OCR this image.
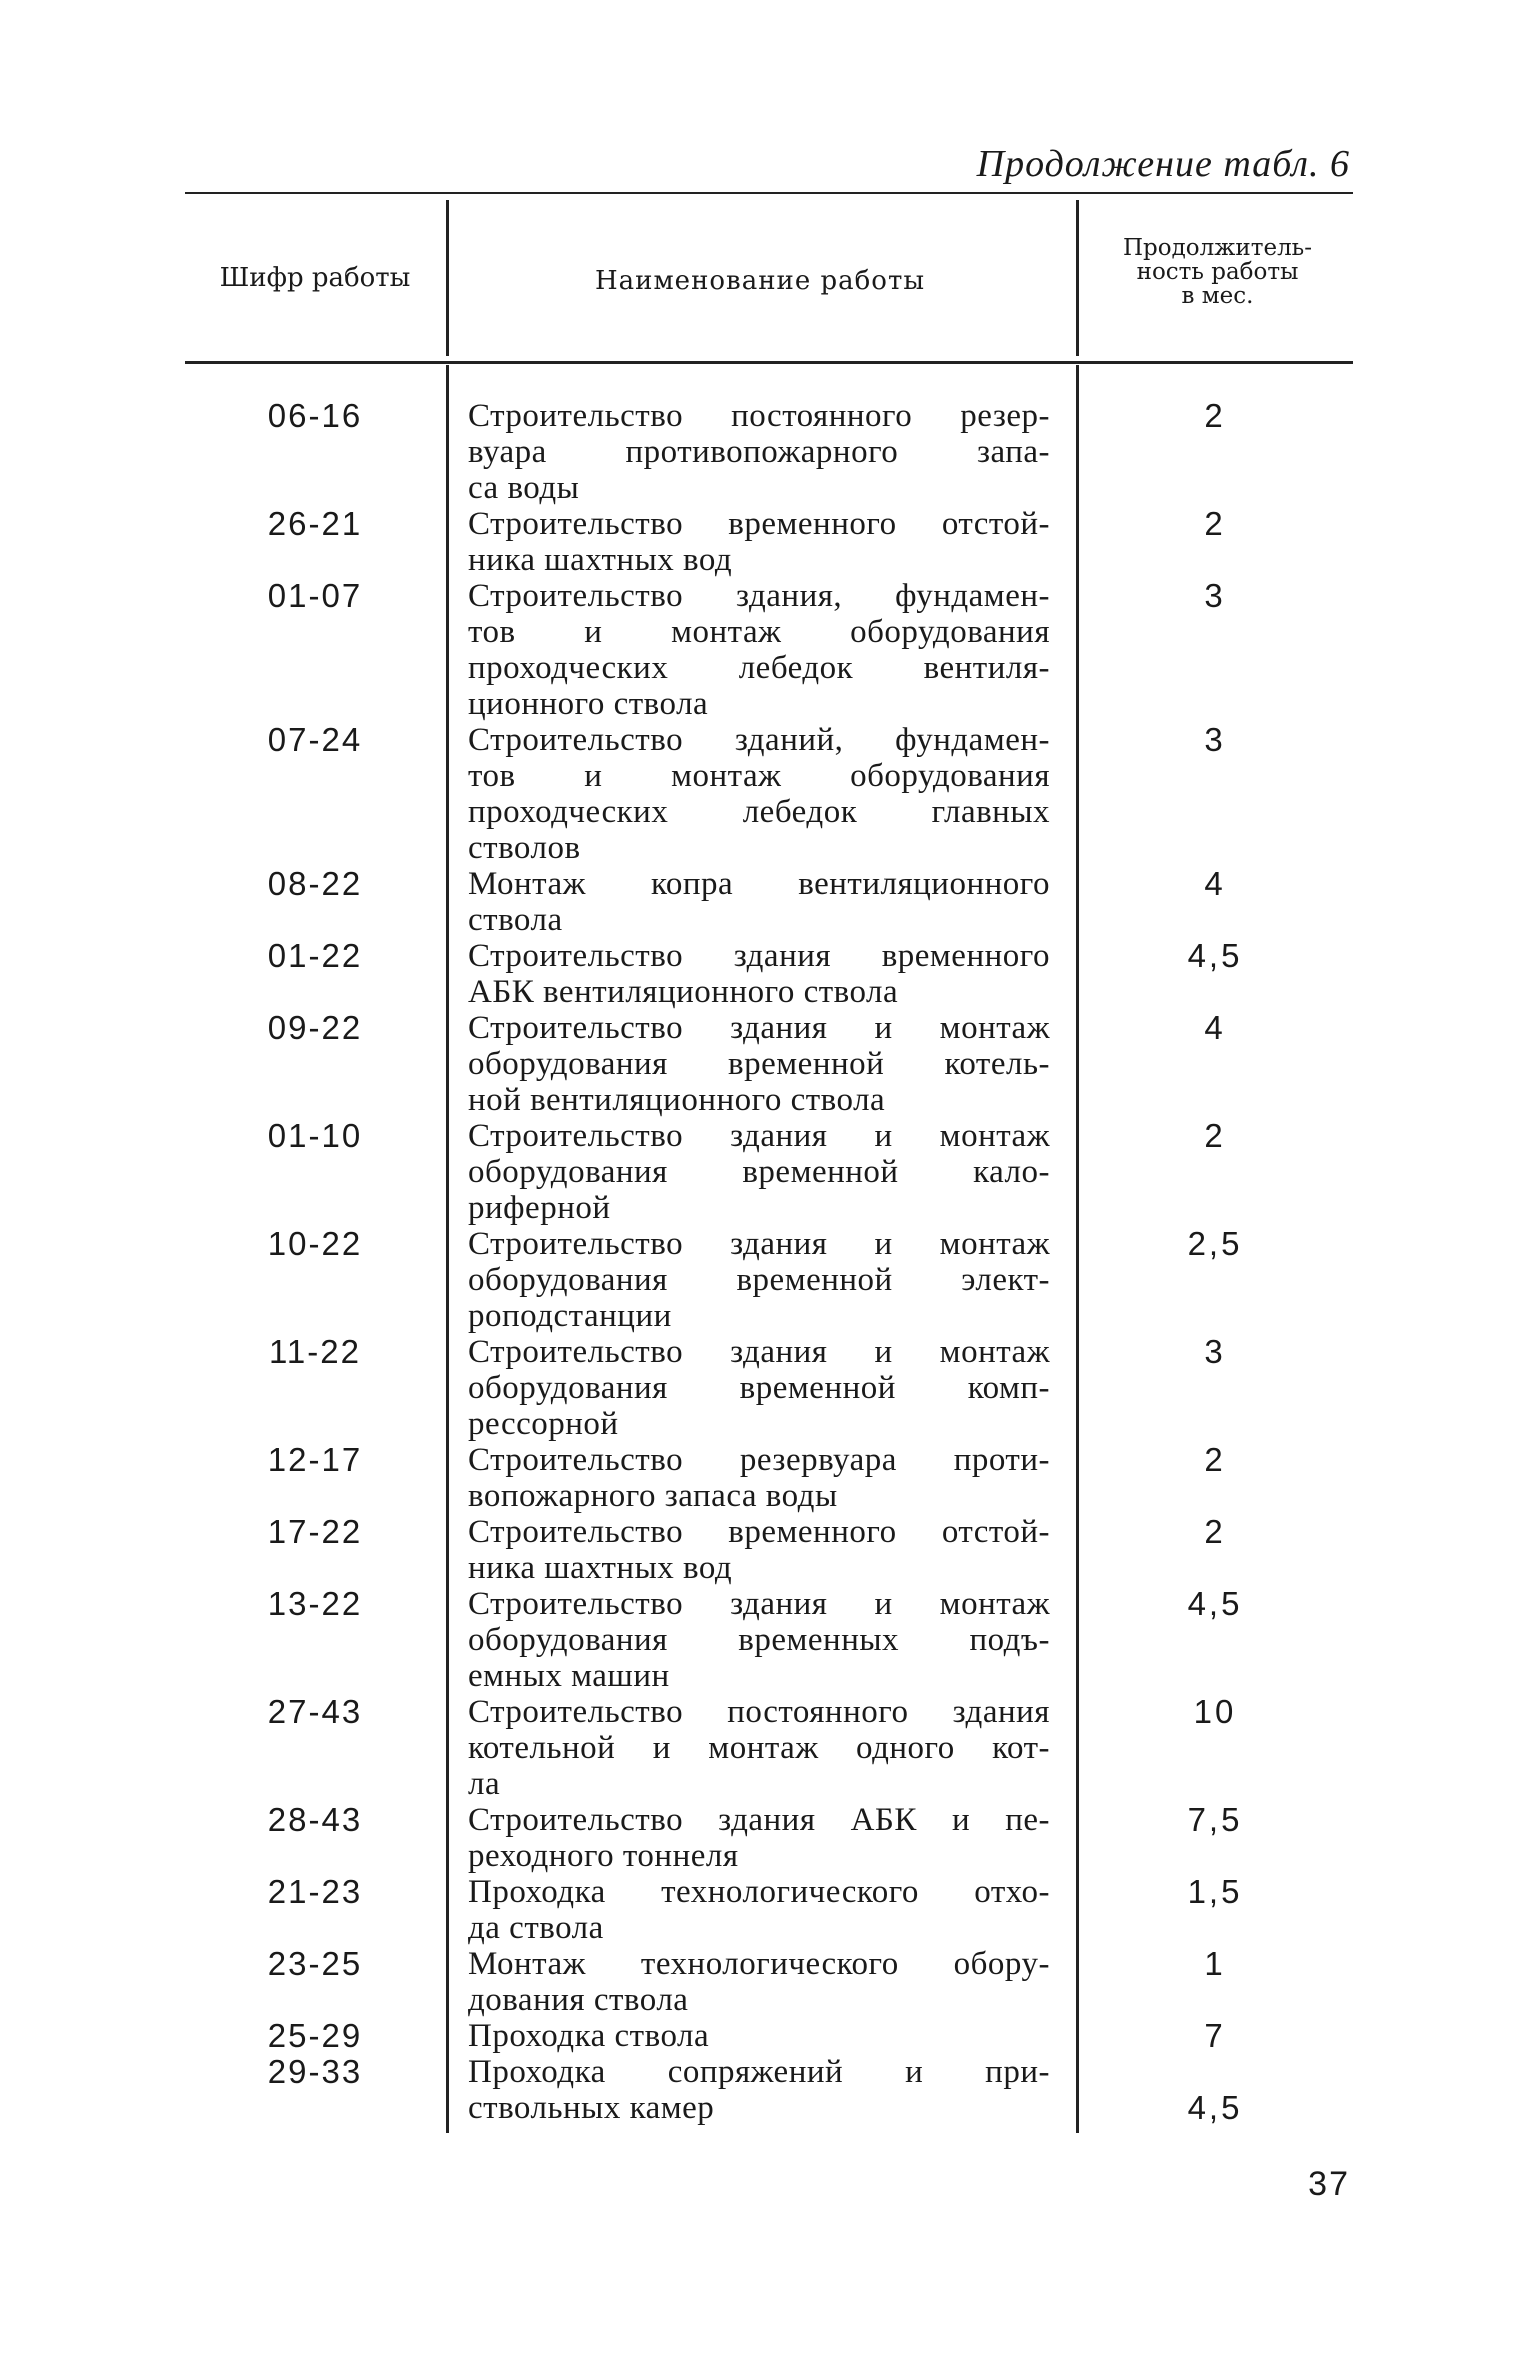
Продолжение табл. 6
Шифр работы	Наименование работы
Продолжитель-
ность работы
в мес.
06-16	Строительство постоянного резер-
вуара противопожарного запа-
са воды
2
26-21	Строительство временного отстой-
ника шахтных вод
2
01-07	Строительство здания, фундамен-
тов и монтаж оборудования
проходческих лебедок вентиля-
ционного ствола
3
07-24	Строительство зданий, фундамен-
тов и монтаж оборудования
проходческих лебедок главных
стволов
3
08-22	Монтаж копра вентиляционного
ствола
4
01-22	Строительство здания временного
АБК вентиляционного ствола
4,5
09-22	Строительство здания и монтаж
оборудования временной котель-
ной вентиляционного ствола
4
01-10	Строительство здания и монтаж
оборудования временной кало-
риферной
2
10-22	Строительство здания и монтаж
оборудования временной элект-
роподстанции
2,5
11-22	Строительство здания и монтаж
оборудования временной комп-
рессорной
3
12-17	Строительство резервуара проти-
вопожарного запаса воды
2
17-22	Строительство временного отстой-
ника шахтных вод
2
13-22	Строительство здания и монтаж
оборудования временных подъ-
емных машин
4,5
27-43	Строительство постоянного здания
котельной и монтаж одного кот-
ла
10
28-43	Строительство здания АБК и пе-
реходного тоннеля
7,5
21-23	Проходка технологического отхо-
да ствола
1,5
23-25	Монтаж технологического обору-
дования ствола
1
25-29	Проходка ствола	7
29-33	Проходка сопряжений и при-
ствольных камер	4,5
37
